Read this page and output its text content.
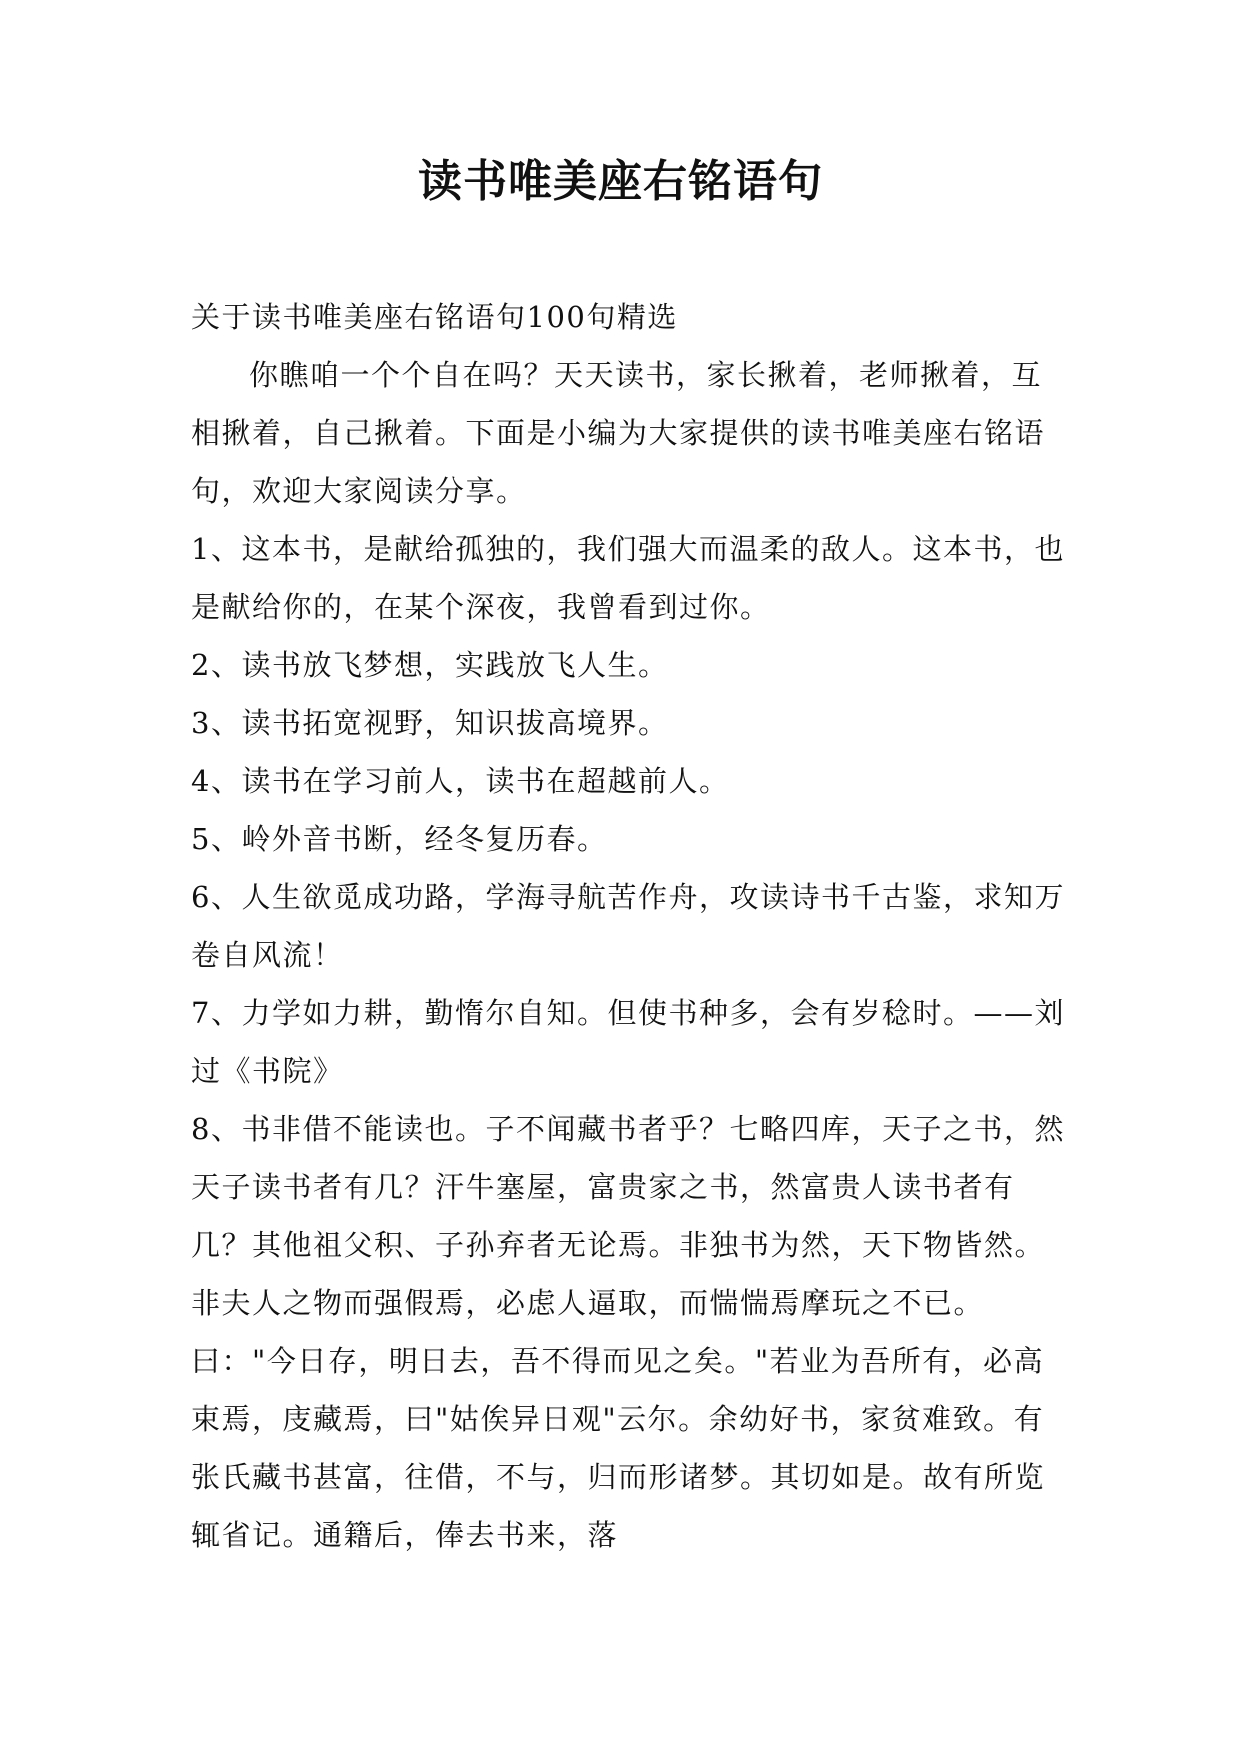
读书唯美座右铭语句

关于读书唯美座右铭语句100句精选

你瞧咱一个个自在吗？天天读书，家长揪着，老师揪着，互相揪着，自己揪着。下面是小编为大家提供的读书唯美座右铭语句，欢迎大家阅读分享。

1、这本书，是献给孤独的，我们强大而温柔的敌人。这本书，也是献给你的，在某个深夜，我曾看到过你。

2、读书放飞梦想，实践放飞人生。

3、读书拓宽视野，知识拔高境界。

4、读书在学习前人，读书在超越前人。

5、岭外音书断，经冬复历春。

6、人生欲觅成功路，学海寻航苦作舟，攻读诗书千古鉴，求知万卷自风流！

7、力学如力耕，勤惰尔自知。但使书种多，会有岁稔时。——刘过《书院》

8、书非借不能读也。子不闻藏书者乎？七略四库，天子之书，然天子读书者有几？汗牛塞屋，富贵家之书，然富贵人读书者有几？其他祖父积、子孙弃者无论焉。非独书为然，天下物皆然。非夫人之物而强假焉，必虑人逼取，而惴惴焉摩玩之不已。曰："今日存，明日去，吾不得而见之矣。"若业为吾所有，必高束焉，庋藏焉，曰"姑俟异日观"云尔。余幼好书，家贫难致。有张氏藏书甚富，往借，不与，归而形诸梦。其切如是。故有所览辄省记。通籍后，俸去书来，落
